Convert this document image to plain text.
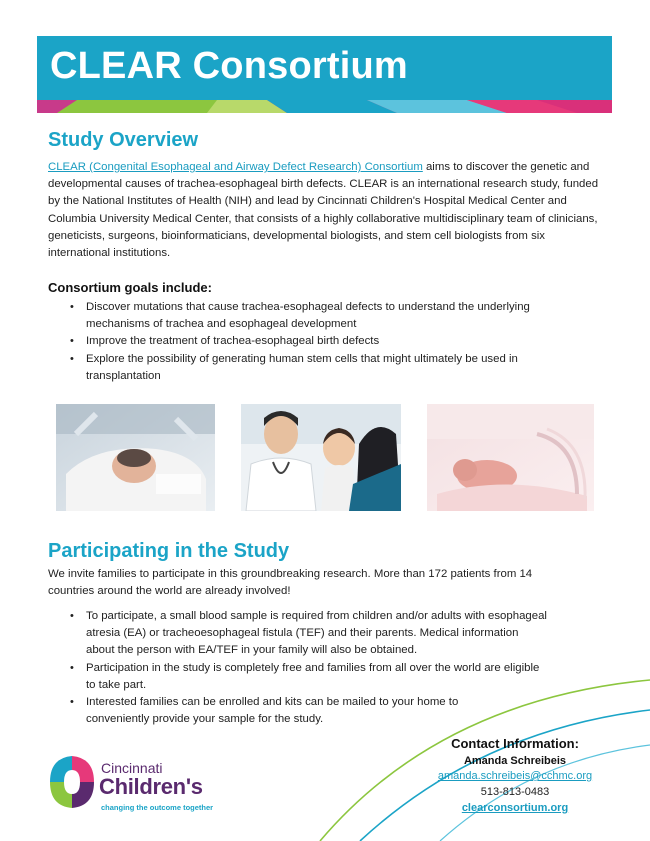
CLEAR Consortium
Study Overview

CLEAR (Congenital Esophageal and Airway Defect Research) Consortium aims to discover the genetic and developmental causes of trachea-esophageal birth defects. CLEAR is an international research study, funded by the National Institutes of Health (NIH) and lead by Cincinnati Children's Hospital Medical Center and Columbia University Medical Center, that consists of a highly collaborative multidisciplinary team of clinicians, geneticists, surgeons, bioinformaticians, developmental biologists, and stem cell biologists from six international institutions.

Consortium goals include:
• Discover mutations that cause trachea-esophageal defects to understand the underlying mechanisms of trachea and esophageal development
• Improve the treatment of trachea-esophageal birth defects
• Explore the possibility of generating human stem cells that might ultimately be used in transplantation
Participating in the Study

We invite families to participate in this groundbreaking research. More than 172 patients from 14 countries around the world are already involved!

• To participate, a small blood sample is required from children and/or adults with esophageal atresia (EA) or tracheoesophageal fistula (TEF) and their parents. Medical information about the person with EA/TEF in your family will also be obtained.
• Participation in the study is completely free and families from all over the world are eligible to take part.
• Interested families can be enrolled and kits can be mailed to your home to conveniently provide your sample for the study.
Cincinnati
Children's
changing the outcome together

Contact Information:

Amanda Schreibeis

amanda.schreibeis@cchmc.org

513-813-0483

clearconsortium.org
